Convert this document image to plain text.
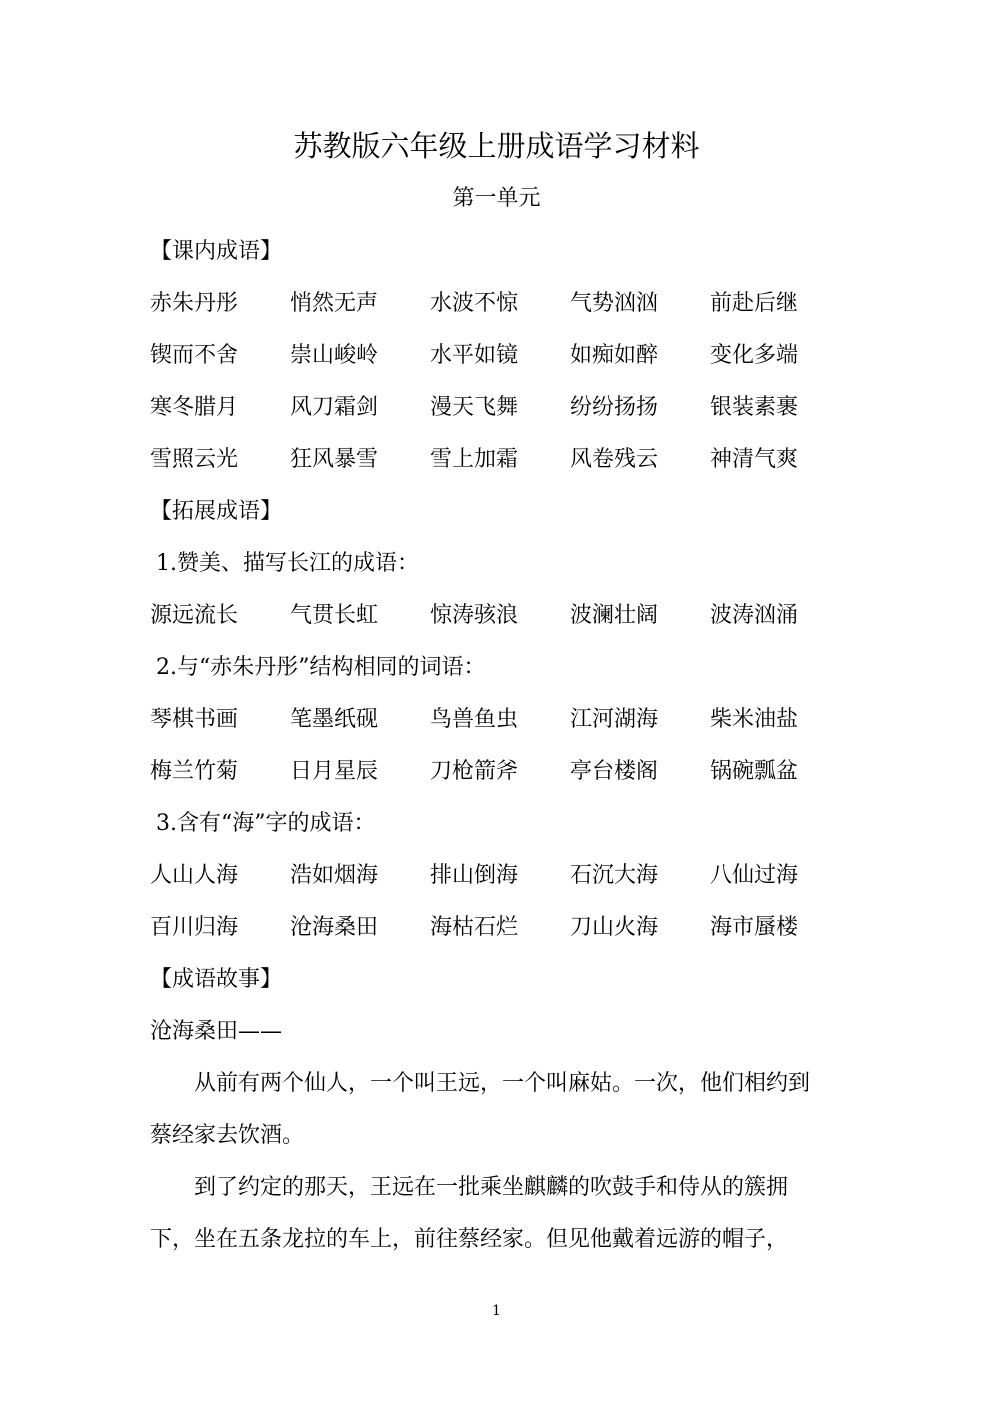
苏教版六年级上册成语学习材料
第一单元
【课内成语】
赤朱丹彤 悄然无声 水波不惊 气势汹汹 前赴后继
锲而不舍 崇山峻岭 水平如镜 如痴如醉 变化多端
寒冬腊月 风刀霜剑 漫天飞舞 纷纷扬扬 银装素裹
雪照云光 狂风暴雪 雪上加霜 风卷残云 神清气爽
【拓展成语】
1.赞美、描写长江的成语：
源远流长 气贯长虹 惊涛骇浪 波澜壮阔 波涛汹涌
2.与“赤朱丹彤”结构相同的词语：
琴棋书画 笔墨纸砚 鸟兽鱼虫 江河湖海 柴米油盐
梅兰竹菊 日月星辰 刀枪箭斧 亭台楼阁 锅碗瓢盆
3.含有“海”字的成语：
人山人海 浩如烟海 排山倒海 石沉大海 八仙过海
百川归海 沧海桑田 海枯石烂 刀山火海 海市蜃楼
【成语故事】
沧海桑田——
从前有两个仙人，一个叫王远，一个叫麻姑。一次，他们相约到蔡经家去饮酒。
到了约定的那天，王远在一批乘坐麒麟的吹鼓手和侍从的簇拥下，坐在五条龙拉的车上，前往蔡经家。但见他戴着远游的帽子，
1
